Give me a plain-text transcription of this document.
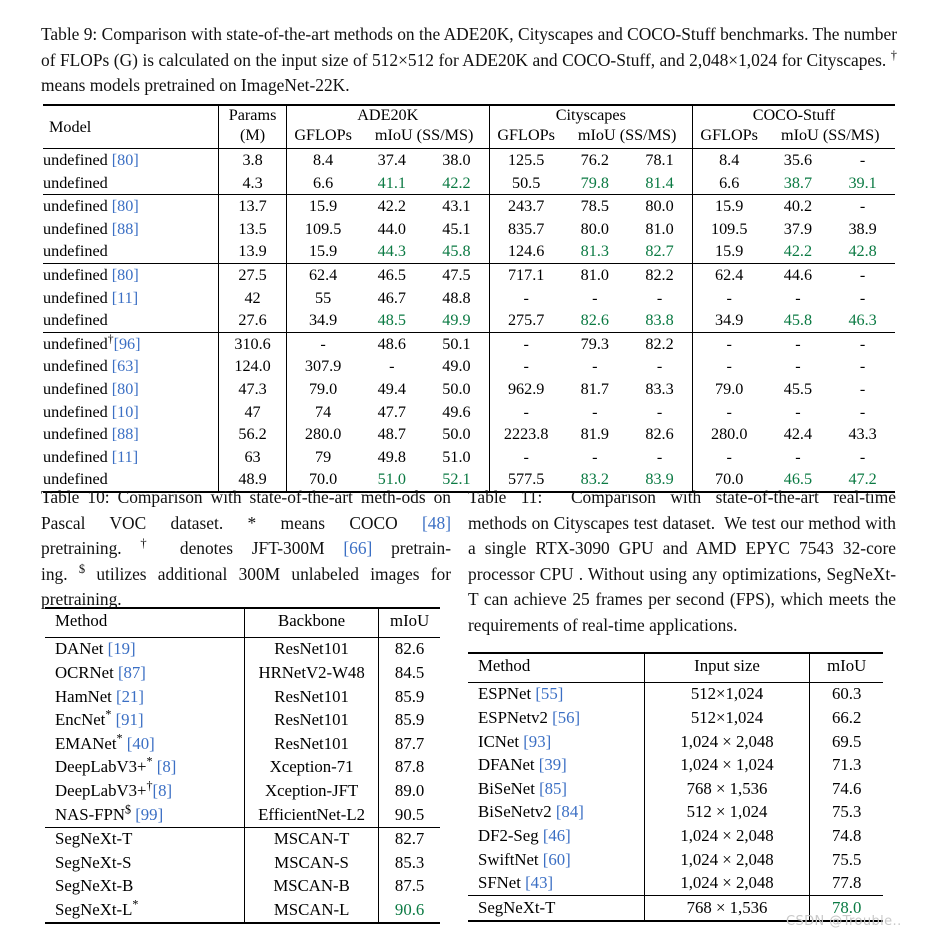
Table 9: Comparison with state-of-the-art methods on the ADE20K, Cityscapes and COCO-Stuff benchmarks. The number of FLOPs (G) is calculated on the input size of 512×512 for ADE20K and COCO-Stuff, and 2,048×1,024 for Cityscapes. † means models pretrained on ImageNet-22K.
Model	Params	ADE20K			Cityscapes			COCO-Stuff		
	(M)	GFLOPs	mIoU (SS/MS)		GFLOPs	mIoU (SS/MS)		GFLOPs	mIoU (SS/MS)	
undefined [80]	3.8	8.4	37.4	38.0	125.5	76.2	78.1	8.4	35.6	-
undefined	4.3	6.6	41.1	42.2	50.5	79.8	81.4	6.6	38.7	39.1
undefined [80]	13.7	15.9	42.2	43.1	243.7	78.5	80.0	15.9	40.2	-
undefined [88]	13.5	109.5	44.0	45.1	835.7	80.0	81.0	109.5	37.9	38.9
undefined	13.9	15.9	44.3	45.8	124.6	81.3	82.7	15.9	42.2	42.8
undefined [80]	27.5	62.4	46.5	47.5	717.1	81.0	82.2	62.4	44.6	-
undefined [11]	42	55	46.7	48.8	-	-	-	-	-	-
undefined	27.6	34.9	48.5	49.9	275.7	82.6	83.8	34.9	45.8	46.3
undefined†[96]	310.6	-	48.6	50.1	-	79.3	82.2	-	-	-
undefined [63]	124.0	307.9	-	49.0	-	-	-	-	-	-
undefined [80]	47.3	79.0	49.4	50.0	962.9	81.7	83.3	79.0	45.5	-
undefined [10]	47	74	47.7	49.6	-	-	-	-	-	-
undefined [88]	56.2	280.0	48.7	50.0	2223.8	81.9	82.6	280.0	42.4	43.3
undefined [11]	63	79	49.8	51.0	-	-	-	-	-	-
undefined	48.9	70.0	51.0	52.1	577.5	83.2	83.9	70.0	46.5	47.2
Table 10: Comparison with state-of-the-art meth-ods on Pascal VOC dataset. * means COCO [48] pretraining. † denotes JFT-300M [66] pretrain-ing. $ utilizes additional 300M unlabeled images for pretraining.
Table 11:  Comparison with state-of-the-art real-time methods on Cityscapes test dataset.  We test our method with a single RTX-3090 GPU and AMD EPYC 7543 32-core processor CPU . Without using any optimizations, SegNeXt-T can achieve 25 frames per second (FPS), which meets the requirements of real-time applications.
Method	Backbone	mIoU

DANet [19]	ResNet101	82.6
OCRNet [87]	HRNetV2-W48	84.5
HamNet [21]	ResNet101	85.9
EncNet* [91]	ResNet101	85.9
EMANet* [40]	ResNet101	87.7
DeepLabV3+* [8]	Xception-71	87.8
DeepLabV3+†[8]	Xception-JFT	89.0
NAS-FPN$ [99]	EfficientNet-L2	90.5
SegNeXt-T	MSCAN-T	82.7
SegNeXt-S	MSCAN-S	85.3
SegNeXt-B	MSCAN-B	87.5
SegNeXt-L*	MSCAN-L	90.6
Method	Input size	mIoU

ESPNet [55]	512×1,024	60.3
ESPNetv2 [56]	512×1,024	66.2
ICNet [93]	1,024 × 2,048	69.5
DFANet [39]	1,024 × 1,024	71.3
BiSeNet [85]	768 × 1,536	74.6
BiSeNetv2 [84]	512 × 1,024	75.3
DF2-Seg [46]	1,024 × 2,048	74.8
SwiftNet [60]	1,024 × 2,048	75.5
SFNet [43]	1,024 × 2,048	77.8
SegNeXt-T	768 × 1,536	78.0
CSDN @Trouble..
